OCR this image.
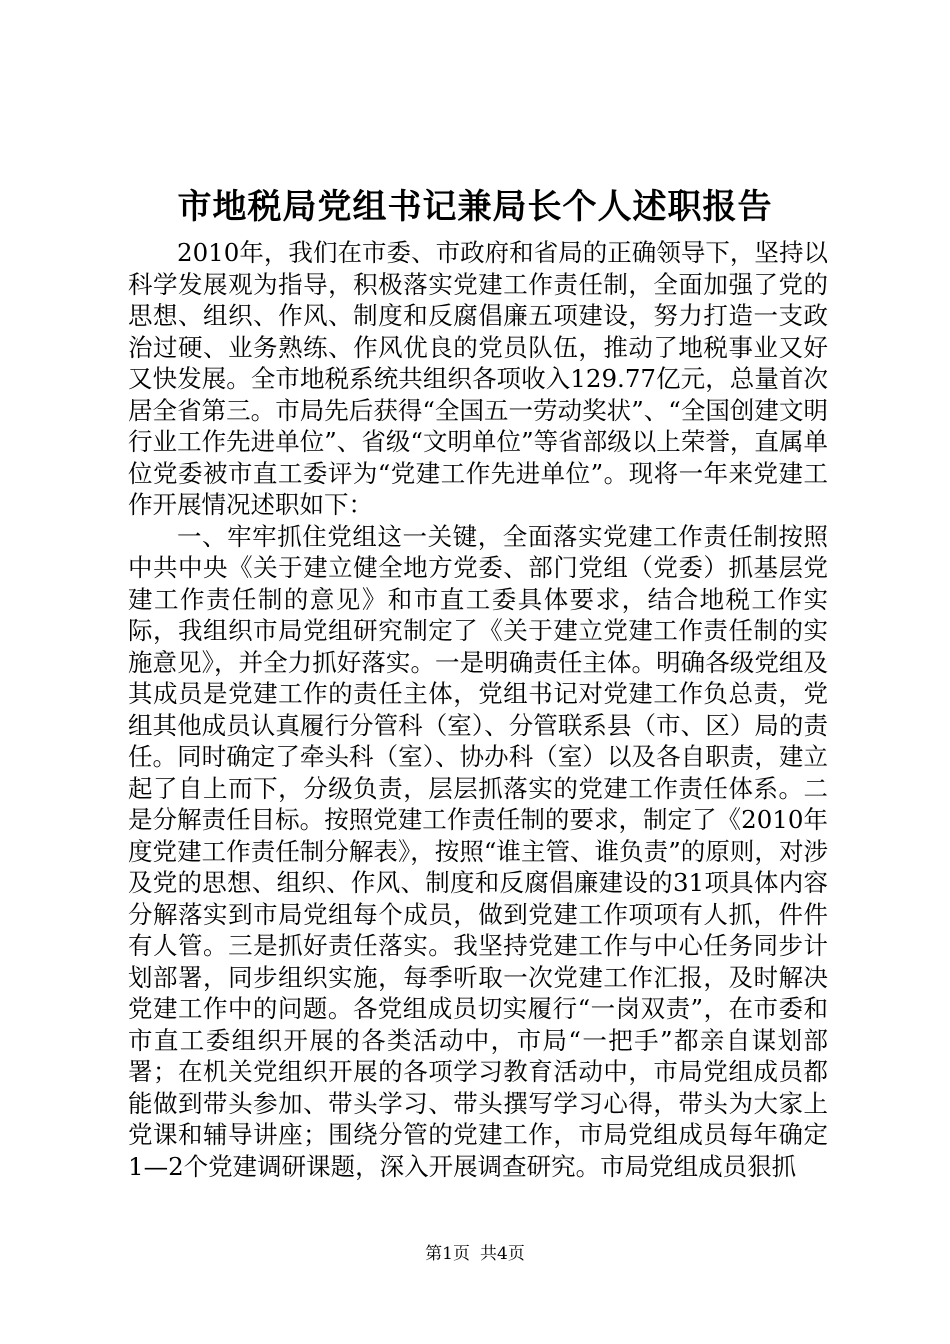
市地税局党组书记兼局长个人述职报告

2010年，我们在市委、市政府和省局的正确领导下，坚持以科学发展观为指导，积极落实党建工作责任制，全面加强了党的思想、组织、作风、制度和反腐倡廉五项建设，努力打造一支政治过硬、业务熟练、作风优良的党员队伍，推动了地税事业又好又快发展。全市地税系统共组织各项收入129.77亿元，总量首次居全省第三。市局先后获得“全国五一劳动奖状”、“全国创建文明行业工作先进单位”、省级“文明单位”等省部级以上荣誉，直属单位党委被市直工委评为“党建工作先进单位”。现将一年来党建工作开展情况述职如下：

一、牢牢抓住党组这一关键，全面落实党建工作责任制按照中共中央《关于建立健全地方党委、部门党组（党委）抓基层党建工作责任制的意见》和市直工委具体要求，结合地税工作实际，我组织市局党组研究制定了《关于建立党建工作责任制的实施意见》，并全力抓好落实。一是明确责任主体。明确各级党组及其成员是党建工作的责任主体，党组书记对党建工作负总责，党组其他成员认真履行分管科（室）、分管联系县（市、区）局的责任。同时确定了牵头科（室）、协办科（室）以及各自职责，建立起了自上而下，分级负责，层层抓落实的党建工作责任体系。二是分解责任目标。按照党建工作责任制的要求，制定了《2010年度党建工作责任制分解表》，按照“谁主管、谁负责”的原则，对涉及党的思想、组织、作风、制度和反腐倡廉建设的31项具体内容分解落实到市局党组每个成员，做到党建工作项项有人抓，件件有人管。三是抓好责任落实。我坚持党建工作与中心任务同步计划部署，同步组织实施，每季听取一次党建工作汇报，及时解决党建工作中的问题。各党组成员切实履行“一岗双责”，在市委和市直工委组织开展的各类活动中，市局“一把手”都亲自谋划部署；在机关党组织开展的各项学习教育活动中，市局党组成员都能做到带头参加、带头学习、带头撰写学习心得，带头为大家上党课和辅导讲座；围绕分管的党建工作，市局党组成员每年确定1—2个党建调研课题，深入开展调查研究。市局党组成员狠抓

第1页 共4页
